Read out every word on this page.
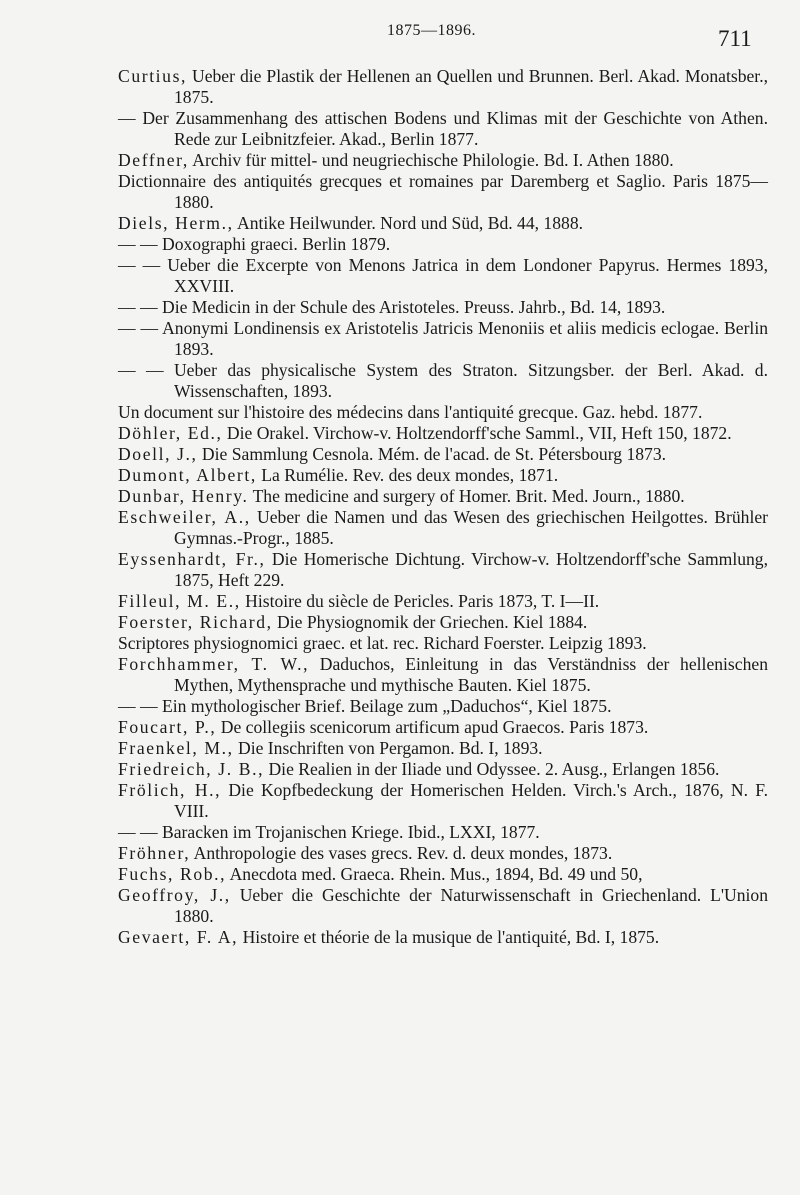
1875—1896.	711
Curtius, Ueber die Plastik der Hellenen an Quellen und Brunnen. Berl. Akad. Monatsber., 1875.
— Der Zusammenhang des attischen Bodens und Klimas mit der Geschichte von Athen. Rede zur Leibnitzfeier. Akad., Berlin 1877.
Deffner, Archiv für mittel- und neugriechische Philologie. Bd. I. Athen 1880.
Dictionnaire des antiquités grecques et romaines par Daremberg et Saglio. Paris 1875—1880.
Diels, Herm., Antike Heilwunder. Nord und Süd, Bd. 44, 1888.
— — Doxographi graeci. Berlin 1879.
— — Ueber die Excerpte von Menons Jatrica in dem Londoner Papyrus. Hermes 1893, XXVIII.
— — Die Medicin in der Schule des Aristoteles. Preuss. Jahrb., Bd. 14, 1893.
— — Anonymi Londinensis ex Aristotelis Jatricis Menoniis et aliis medicis eclogae. Berlin 1893.
— — Ueber das physicalische System des Straton. Sitzungsber. der Berl. Akad. d. Wissenschaften, 1893.
Un document sur l'histoire des médecins dans l'antiquité grecque. Gaz. hebd. 1877.
Döhler, Ed., Die Orakel. Virchow-v. Holtzendorff'sche Samml., VII, Heft 150, 1872.
Doell, J., Die Sammlung Cesnola. Mém. de l'acad. de St. Pétersbourg 1873.
Dumont, Albert, La Rumélie. Rev. des deux mondes, 1871.
Dunbar, Henry. The medicine and surgery of Homer. Brit. Med. Journ., 1880.
Eschweiler, A., Ueber die Namen und das Wesen des griechischen Heilgottes. Brühler Gymnas.-Progr., 1885.
Eyssenhardt, Fr., Die Homerische Dichtung. Virchow-v. Holtzendorff'sche Sammlung, 1875, Heft 229.
Filleul, M. E., Histoire du siècle de Pericles. Paris 1873, T. I—II.
Foerster, Richard, Die Physiognomik der Griechen. Kiel 1884.
Scriptores physiognomici graec. et lat. rec. Richard Foerster. Leipzig 1893.
Forchhammer, T. W., Daduchos, Einleitung in das Verständniss der hellenischen Mythen, Mythensprache und mythische Bauten. Kiel 1875.
— — Ein mythologischer Brief. Beilage zum „Daduchos“, Kiel 1875.
Foucart, P., De collegiis scenicorum artificum apud Graecos. Paris 1873.
Fraenkel, M., Die Inschriften von Pergamon. Bd. I, 1893.
Friedreich, J. B., Die Realien in der Iliade und Odyssee. 2. Ausg., Erlangen 1856.
Frölich, H., Die Kopfbedeckung der Homerischen Helden. Virch.'s Arch., 1876, N. F. VIII.
— — Baracken im Trojanischen Kriege. Ibid., LXXI, 1877.
Fröhner, Anthropologie des vases grecs. Rev. d. deux mondes, 1873.
Fuchs, Rob., Anecdota med. Graeca. Rhein. Mus., 1894, Bd. 49 und 50,
Geoffroy, J., Ueber die Geschichte der Naturwissenschaft in Griechenland. L'Union 1880.
Gevaert, F. A, Histoire et théorie de la musique de l'antiquité, Bd. I, 1875.
